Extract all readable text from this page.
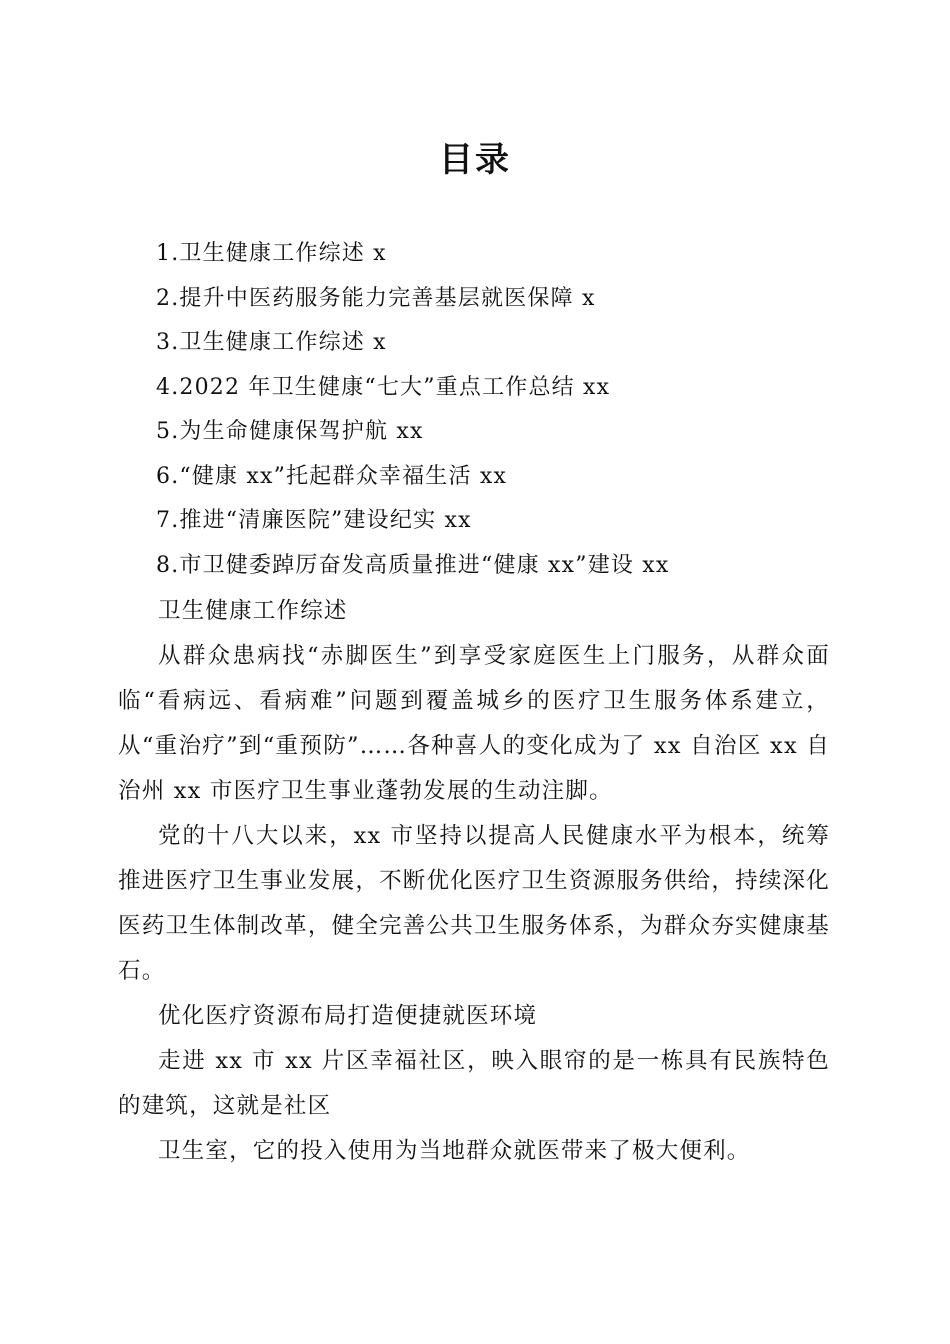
目录
1.卫生健康工作综述 x
2.提升中医药服务能力完善基层就医保障 x
3.卫生健康工作综述 x
4.2022 年卫生健康“七大”重点工作总结 xx
5.为生命健康保驾护航 xx
6.“健康 xx”托起群众幸福生活 xx
7.推进“清廉医院”建设纪实 xx
8.市卫健委踔厉奋发高质量推进“健康 xx”建设 xx

卫生健康工作综述

从群众患病找“赤脚医生”到享受家庭医生上门服务，从群众面临“看病远、看病难”问题到覆盖城乡的医疗卫生服务体系建立，从“重治疗”到“重预防”……各种喜人的变化成为了 xx 自治区 xx 自治州 xx 市医疗卫生事业蓬勃发展的生动注脚。

党的十八大以来，xx 市坚持以提高人民健康水平为根本，统筹推进医疗卫生事业发展，不断优化医疗卫生资源服务供给，持续深化医药卫生体制改革，健全完善公共卫生服务体系，为群众夯实健康基石。

优化医疗资源布局打造便捷就医环境

走进 xx 市 xx 片区幸福社区，映入眼帘的是一栋具有民族特色的建筑，这就是社区

卫生室，它的投入使用为当地群众就医带来了极大便利。
